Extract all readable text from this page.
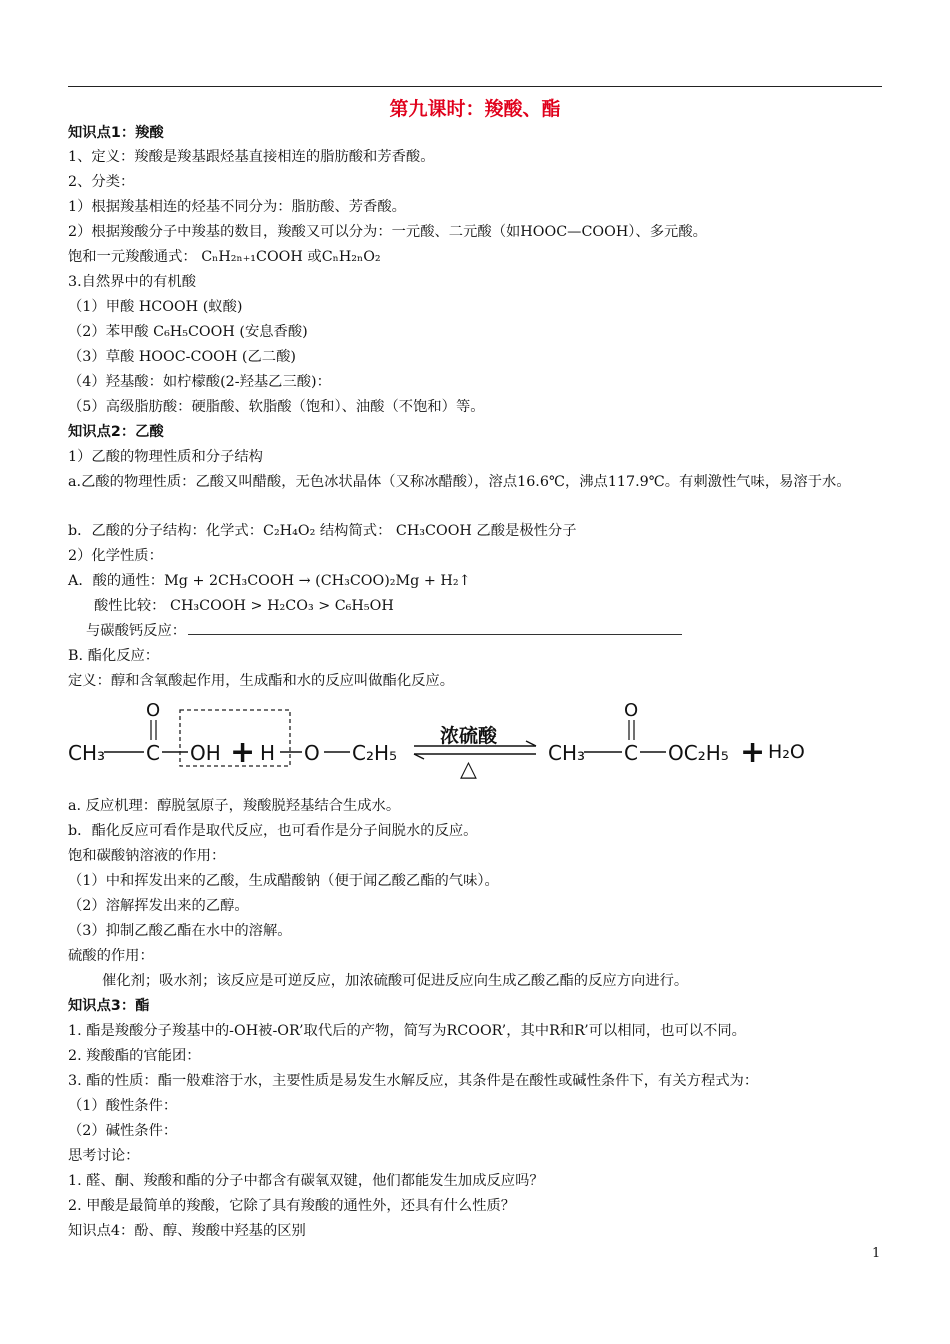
第九课时：羧酸、酯
知识点1：羧酸
1、定义：羧酸是羧基跟烃基直接相连的脂肪酸和芳香酸。
2、分类：
1）根据羧基相连的烃基不同分为：脂肪酸、芳香酸。
2）根据羧酸分子中羧基的数目，羧酸又可以分为：一元酸、二元酸（如HOOC—COOH）、多元酸。
饱和一元羧酸通式： CₙH₂ₙ₊₁COOH 或CₙH₂ₙO₂
3.自然界中的有机酸
（1）甲酸 HCOOH (蚁酸)
（2）苯甲酸 C₆H₅COOH (安息香酸)
（3）草酸 HOOC-COOH (乙二酸)
（4）羟基酸：如柠檬酸(2-羟基乙三酸)：
（5）高级脂肪酸：硬脂酸、软脂酸（饱和）、油酸（不饱和）等。
知识点2：乙酸
1）乙酸的物理性质和分子结构
a.乙酸的物理性质：乙酸又叫醋酸，无色冰状晶体（又称冰醋酸），溶点16.6℃，沸点117.9℃。有刺激性气味，易溶于水。
b．乙酸的分子结构：化学式：C₂H₄O₂ 结构简式： CH₃COOH 乙酸是极性分子
2）化学性质：
A．酸的通性：Mg + 2CH₃COOH → (CH₃COO)₂Mg + H₂↑
酸性比较： CH₃COOH > H₂CO₃ > C₆H₅OH
与碳酸钙反应：
B. 酯化反应：
定义：醇和含氧酸起作用，生成酯和水的反应叫做酯化反应。
CH₃ C
O
OH + H O C₂H₅
浓硫酸
△
CH₃ C
O
OC₂H₅ + H₂O
a. 反应机理：醇脱氢原子，羧酸脱羟基结合生成水。
b．酯化反应可看作是取代反应，也可看作是分子间脱水的反应。
饱和碳酸钠溶液的作用：
（1）中和挥发出来的乙酸，生成醋酸钠（便于闻乙酸乙酯的气味）。
（2）溶解挥发出来的乙醇。
（3）抑制乙酸乙酯在水中的溶解。
硫酸的作用：
催化剂；吸水剂；该反应是可逆反应，加浓硫酸可促进反应向生成乙酸乙酯的反应方向进行。
知识点3：酯
1. 酯是羧酸分子羧基中的-OH被-OR’取代后的产物，简写为RCOOR’，其中R和R’可以相同，也可以不同。
2. 羧酸酯的官能团：
3. 酯的性质：酯一般难溶于水，主要性质是易发生水解反应，其条件是在酸性或碱性条件下，有关方程式为：
（1）酸性条件：
（2）碱性条件：
思考讨论：
1. 醛、酮、羧酸和酯的分子中都含有碳氧双键，他们都能发生加成反应吗？
2. 甲酸是最简单的羧酸，它除了具有羧酸的通性外，还具有什么性质？
知识点4：酚、醇、羧酸中羟基的区别
1
